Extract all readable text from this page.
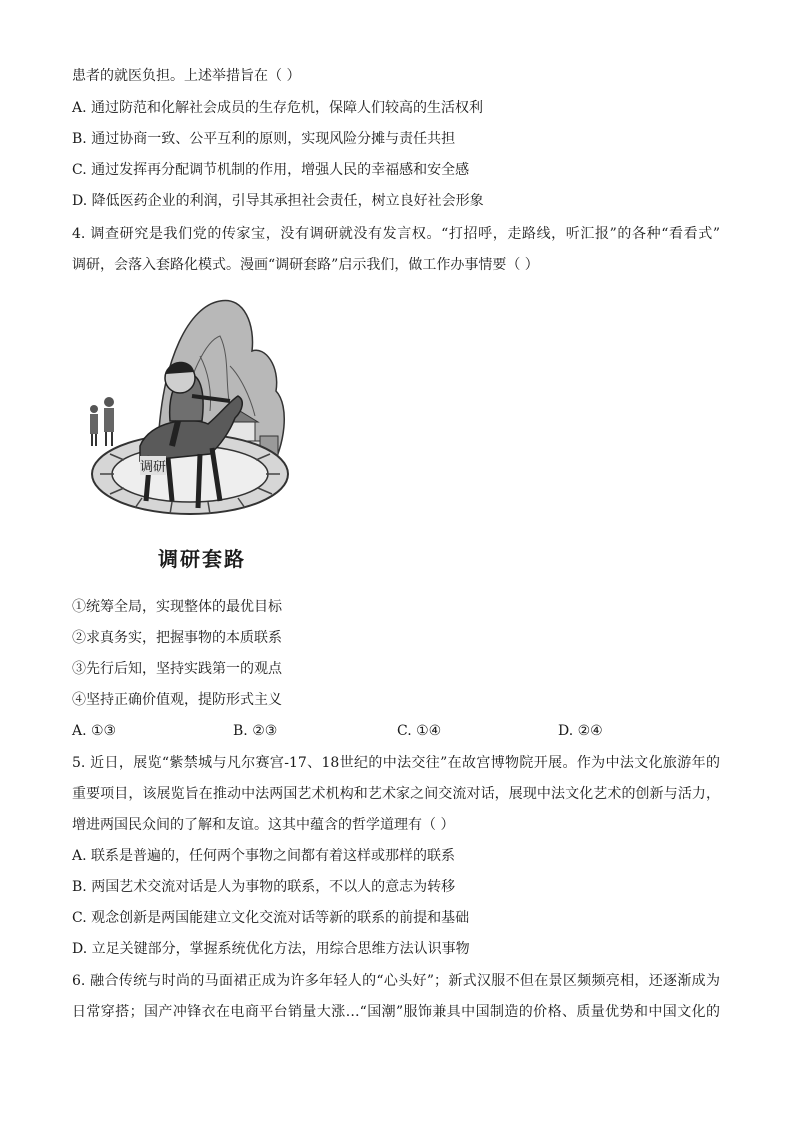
患者的就医负担。上述举措旨在（ ）
A. 通过防范和化解社会成员的生存危机，保障人们较高的生活权利
B. 通过协商一致、公平互利的原则，实现风险分摊与责任共担
C. 通过发挥再分配调节机制的作用，增强人民的幸福感和安全感
D. 降低医药企业的利润，引导其承担社会责任，树立良好社会形象
4. 调查研究是我们党的传家宝，没有调研就没有发言权。“打招呼，走路线，听汇报”的各种“看看式”
调研，会落入套路化模式。漫画“调研套路”启示我们，做工作办事情要（ ）
调研
调研套路
①统筹全局，实现整体的最优目标
②求真务实，把握事物的本质联系
③先行后知，坚持实践第一的观点
④坚持正确价值观，提防形式主义
A. ①③	B. ②③	C. ①④	D. ②④
5. 近日，展览“紫禁城与凡尔赛宫-17、18世纪的中法交往”在故宫博物院开展。作为中法文化旅游年的
重要项目，该展览旨在推动中法两国艺术机构和艺术家之间交流对话，展现中法文化艺术的创新与活力，
增进两国民众间的了解和友谊。这其中蕴含的哲学道理有（ ）
A. 联系是普遍的，任何两个事物之间都有着这样或那样的联系
B. 两国艺术交流对话是人为事物的联系，不以人的意志为转移
C. 观念创新是两国能建立文化交流对话等新的联系的前提和基础
D. 立足关键部分，掌握系统优化方法，用综合思维方法认识事物
6. 融合传统与时尚的马面裙正成为许多年轻人的“心头好”；新式汉服不但在景区频频亮相，还逐渐成为
日常穿搭；国产冲锋衣在电商平台销量大涨…“国潮”服饰兼具中国制造的价格、质量优势和中国文化的
